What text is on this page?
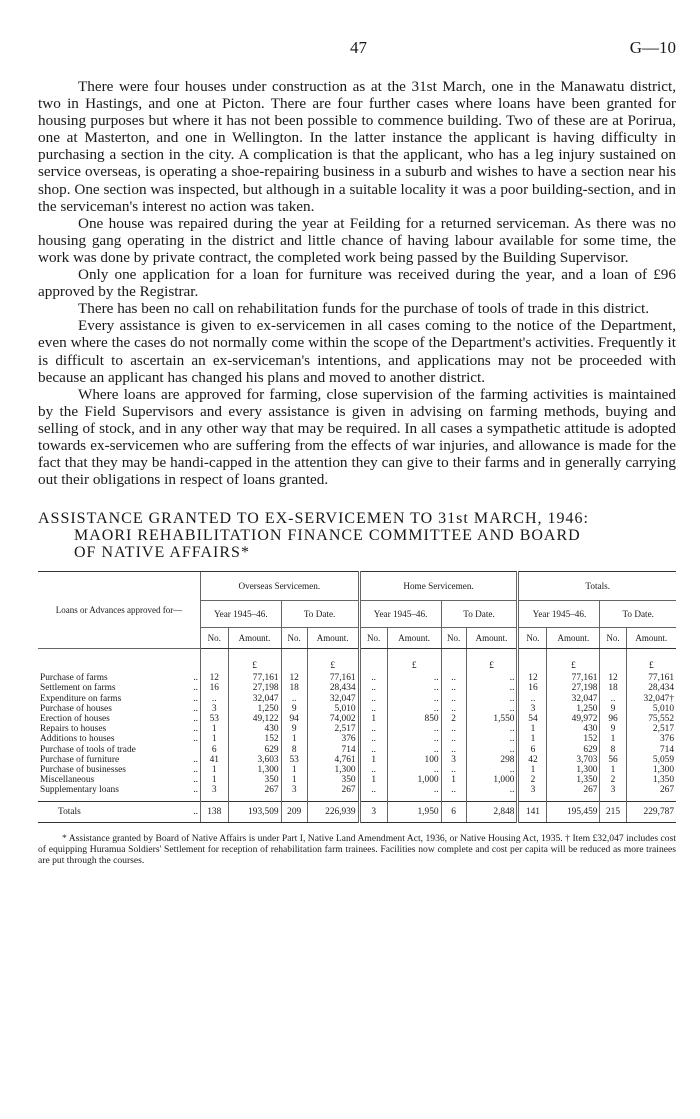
47	G—10

There were four houses under construction as at the 31st March, one in the Manawatu district, two in Hastings, and one at Picton. There are four further cases where loans have been granted for housing purposes but where it has not been possible to commence building. Two of these are at Porirua, one at Masterton, and one in Wellington. In the latter instance the applicant is having difficulty in purchasing a section in the city. A complication is that the applicant, who has a leg injury sustained on service overseas, is operating a shoe-repairing business in a suburb and wishes to have a section near his shop. One section was inspected, but although in a suitable locality it was a poor building-section, and in the serviceman's interest no action was taken.

One house was repaired during the year at Feilding for a returned serviceman. As there was no housing gang operating in the district and little chance of having labour available for some time, the work was done by private contract, the completed work being passed by the Building Supervisor.

Only one application for a loan for furniture was received during the year, and a loan of £96 approved by the Registrar.

There has been no call on rehabilitation funds for the purchase of tools of trade in this district.

Every assistance is given to ex-servicemen in all cases coming to the notice of the Department, even where the cases do not normally come within the scope of the Department's activities. Frequently it is difficult to ascertain an ex-serviceman's intentions, and applications may not be proceeded with because an applicant has changed his plans and moved to another district.

Where loans are approved for farming, close supervision of the farming activities is maintained by the Field Supervisors and every assistance is given in advising on farming methods, buying and selling of stock, and in any other way that may be required. In all cases a sympathetic attitude is adopted towards ex-servicemen who are suffering from the effects of war injuries, and allowance is made for the fact that they may be handi-capped in the attention they can give to their farms and in generally carrying out their obligations in respect of loans granted.

ASSISTANCE GRANTED TO EX-SERVICEMEN TO 31st MARCH, 1946:
MAORI REHABILITATION FINANCE COMMITTEE AND BOARD
OF NATIVE AFFAIRS*
Loans or Advances approved for—	Overseas Servicemen.				Home Servicemen.				Totals.			
	Year 1945–46.		To Date.		Year 1945–46.		To Date.		Year 1945–46.		To Date.	
	No.	Amount.	No.	Amount.	No.	Amount.	No.	Amount.	No.	Amount.	No.	Amount.
		£		£		£		£		£		£
Purchase of farms ..	12	77,161	12	77,161	..	..	..	..	12	77,161	12	77,161
Settlement on farms ..	16	27,198	18	28,434	..	..	..	..	16	27,198	18	28,434
Expenditure on farms ..	..	32,047	..	32,047	..	..	..	..	..	32,047	..	32,047†
Purchase of houses ..	3	1,250	9	5,010	..	..	..	..	3	1,250	9	5,010
Erection of houses ..	53	49,122	94	74,002	1	850	2	1,550	54	49,972	96	75,552
Repairs to houses ..	1	430	9	2,517	..	..	..	..	1	430	9	2,517
Additions to houses ..	1	152	1	376	..	..	..	..	1	152	1	376
Purchase of tools of trade	6	629	8	714	..	..	..	..	6	629	8	714
Purchase of furniture ..	41	3,603	53	4,761	1	100	3	298	42	3,703	56	5,059
Purchase of businesses ..	1	1,300	1	1,300	..	..	..	..	1	1,300	1	1,300
Miscellaneous ..	1	350	1	350	1	1,000	1	1,000	2	1,350	2	1,350
Supplementary loans ..	3	267	3	267	..	..	..	..	3	267	3	267

Totals ..	138	193,509	209	226,939	3	1,950	6	2,848	141	195,459	215	229,787
* Assistance granted by Board of Native Affairs is under Part I, Native Land Amendment Act, 1936, or Native Housing Act, 1935. † Item £32,047 includes cost of equipping Huramua Soldiers' Settlement for reception of rehabilitation farm trainees. Facilities now complete and cost per capita will be reduced as more trainees are put through the courses.
